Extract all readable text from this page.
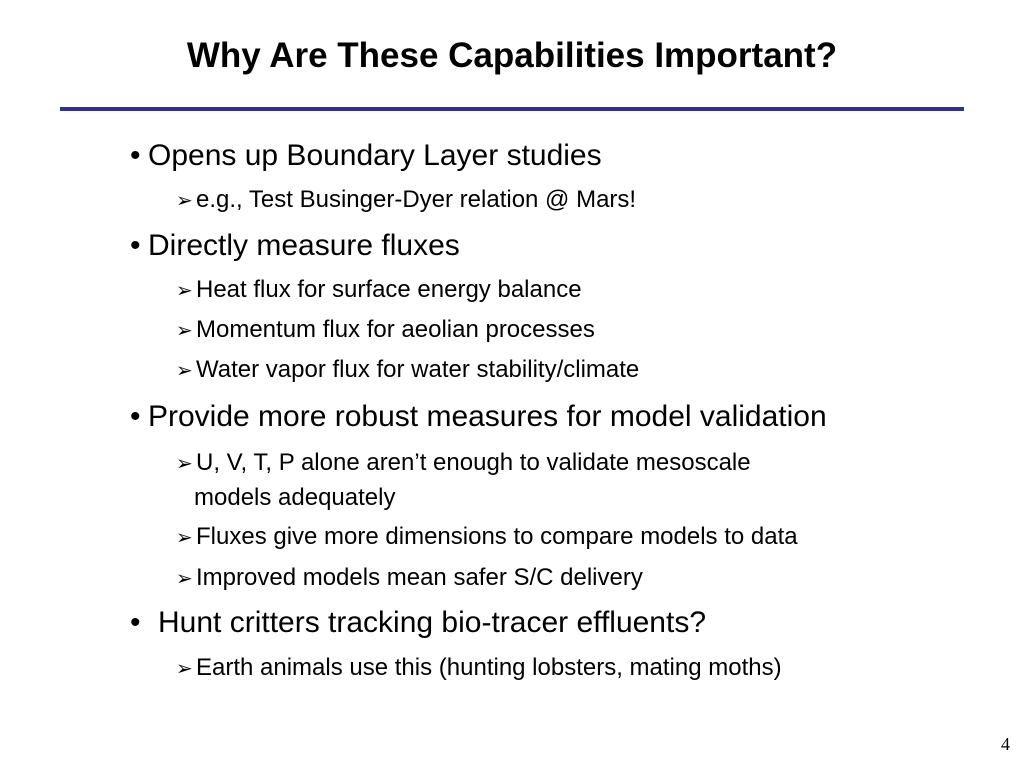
Why Are These Capabilities Important?
• Opens up Boundary Layer studies
➢ e.g., Test Businger-Dyer relation @ Mars!
• Directly measure fluxes
➢ Heat flux for surface energy balance
➢ Momentum flux for aeolian processes
➢ Water vapor flux for water stability/climate
• Provide more robust measures for model validation
➢ U, V, T, P alone aren’t enough to validate mesoscale
models adequately
➢ Fluxes give more dimensions to compare models to data
➢ Improved models mean safer S/C delivery
• Hunt critters tracking bio-tracer effluents?
➢ Earth animals use this (hunting lobsters, mating moths)
4
